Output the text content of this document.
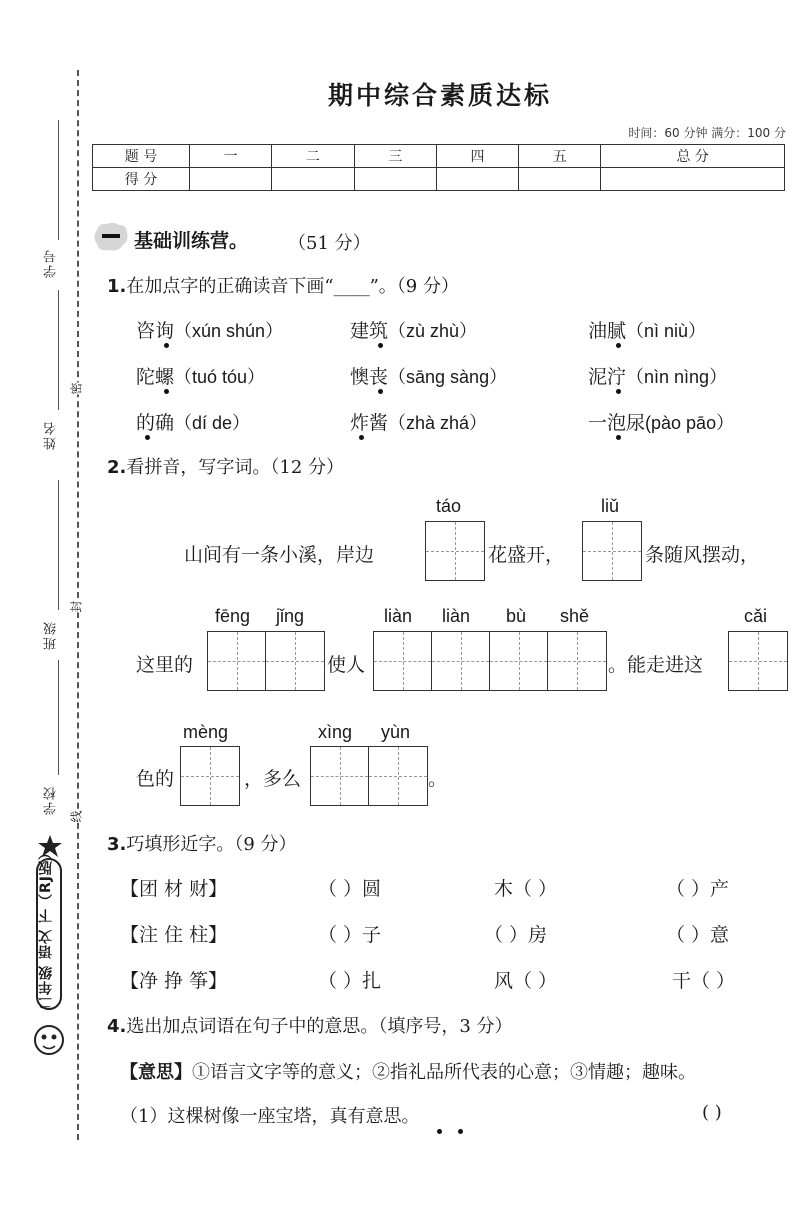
学号
姓名
班级
学校
密
封
线
二年级 语文 下（RJ版）
期中综合素质达标
时间：60 分钟 满分：100 分
题 号	一	二	三	四	五	总 分
得 分						
基础训练营。 （51 分）
1.在加点字的正确读音下画“____”。（9 分）
咨询（xún shún）	建筑（zù zhù）	油腻（nì niù）
陀螺（tuó tóu）	懊丧（sāng sàng）	泥泞（nìn nìng）
的确（dí de）	炸酱（zhà zhá）	一泡尿(pào pāo）
2.看拼音，写字词。（12 分）
táo	liǔ
山间有一条小溪，岸边	花盛开，	条随风摆动，
fēng jǐng	liàn liàn bù shě	cǎi
这里的	使人	。能走进这
mèng	xìng yùn
色的	，多么	。
3.巧填形近字。（9 分）
【团 材 财】	（ ）圆	木（ ）	（ ）产
【注 住 柱】	（ ）子	（ ）房	（ ）意
【净 挣 筝】	（ ）扎	风（ ）	干（ ）
4.选出加点词语在句子中的意思。（填序号，3 分）
【意思】①语言文字等的意义；②指礼品所代表的心意；③情趣；趣味。
（1）这棵树像一座宝塔，真有意思。	( )
